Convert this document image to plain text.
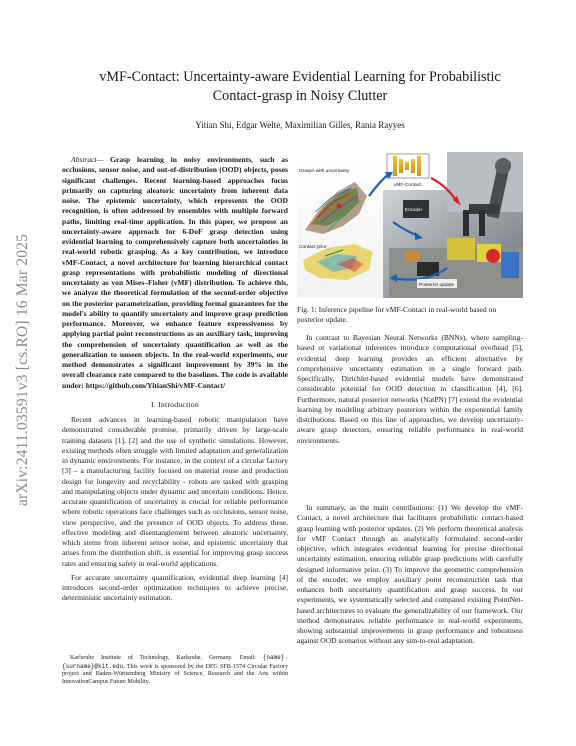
vMF-Contact: Uncertainty-aware Evidential Learning for Probabilistic
Contact-grasp in Noisy Clutter
Yitian Shi, Edgar Welte, Maximilian Gilles, Rania Rayyes
arXiv:2411.03591v3 [cs.RO] 16 Mar 2025

Abstract— Grasp learning in noisy environments, such as occlusions, sensor noise, and out-of-distribution (OOD) objects, poses significant challenges. Recent learning-based approaches focus primarily on capturing aleatoric uncertainty from inherent data noise. The epistemic uncertainty, which represents the OOD recognition, is often addressed by ensembles with multiple forward paths, limiting real-time application. In this paper, we propose an uncertainty-aware approach for 6-DoF grasp detection using evidential learning to comprehensively capture both uncertainties in real-world robotic grasping. As a key contribution, we introduce vMF-Contact, a novel architecture for learning hierarchical contact grasp representations with probabilistic modeling of directional uncertainty as von Mises–Fisher (vMF) distribution. To achieve this, we analyze the theoretical formulation of the second-order objective on the posterior parametrization, providing formal guarantees for the model's ability to quantify uncertainty and improve grasp prediction performance. Moreover, we enhance feature expressiveness by applying partial point reconstructions as an auxiliary task, improving the comprehension of uncertainty quantification as well as the generalization to unseen objects. In the real-world experiments, our method demonstrates a significant improvement by 39% in the overall clearance rate compared to the baselines. The code is available under: https://github.com/YitianShi/vMF-Contact/

I. Introduction

Recent advances in learning-based robotic manipulation have demonstrated considerable promise, primarily driven by large-scale training datasets [1], [2] and the use of synthetic simulations. However, existing methods often struggle with limited adaptation and generalization in dynamic environments. For instance, in the context of a circular factory [3] – a manufacturing facility focused on material reuse and production design for longevity and recyclability - robots are tasked with grasping and manipulating objects under dynamic and uncertain conditions. Hence, accurate quantification of uncertainty is crucial for reliable performance where robotic operations face challenges such as occlusions, sensor noise, view perspective, and the presence of OOD objects. To address these, effective modeling and disentanglement between aleatoric uncertainty, which stems from inherent sensor noise, and epistemic uncertainty that arises from the distribution shift, is essential for improving grasp success rates and ensuring safety in real-world applications.

For accurate uncertainty quantification, evidential deep learning [4] introduces second-order optimization techniques to achieve precise, deterministic uncertainty estimation.

Karlsruhe Institute of Technology, Karlsruhe, Germany. Email: {name}.{surname}@kit.edu. This work is sponsored by the DFG SFB-1574 Circular Factory project and Baden-Württemberg Ministry of Science, Research and the Arts within InnovationCampus Future Mobility.
Grasps with uncertainty
Contact prior
vMF-Contact
Encoder
Posterior update
Fig. 1: Inference pipeline for vMF-Contact in real-world based on posterior update.

In contrast to Bayesian Neural Networks (BNNs), where sampling-based or variational inferences introduce computational overhead [5], evidential deep learning provides an efficient alternative by comprehensive uncertainty estimation in a single forward path. Specifically, Dirichlet-based evidential models have demonstrated considerable potential for OOD detection in classification [4], [6]. Furthermore, natural posterior networks (NatPN) [7] extend the evidential learning by modeling arbitrary posteriors within the exponential family distributions. Based on this line of approaches, we develop uncertainty-aware grasp detectors, ensuring reliable performance in real-world environments.

In summary, as the main contributions: (1) We develop the vMF-Contact, a novel architecture that facilitates probabilistic contact-based grasp learning with posterior updates. (2) We perform theoretical analysis for vMF Contact through an analytically formulated second-order objective, which integrates evidential learning for precise directional uncertainty estimation, ensuring reliable grasp predictions with carefully designed informative prior. (3) To improve the geometric comprehension of the encoder, we employ auxiliary point reconstruction task that enhances both uncertainty quantification and grasp success. In our experiments, we systematically selected and compared existing PointNet-based architectures to evaluate the generalizability of our framework. Our method demonstrates reliable performance in real-world experiments, showing substantial improvements in grasp performance and robustness against OOD scenarios without any sim-to-real adaptation.
